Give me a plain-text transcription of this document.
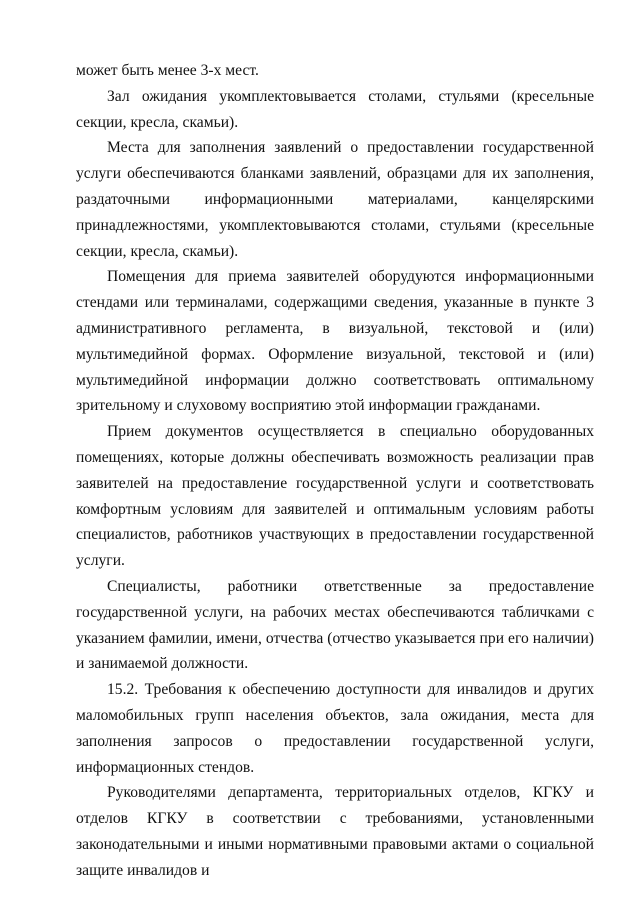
может быть менее 3-х мест.

Зал ожидания укомплектовывается столами, стульями (кресельные секции, кресла, скамьи).

Места для заполнения заявлений о предоставлении государственной услуги обеспечиваются бланками заявлений, образцами для их заполнения, раздаточными информационными материалами, канцелярскими принадлежностями, укомплектовываются столами, стульями (кресельные секции, кресла, скамьи).

Помещения для приема заявителей оборудуются информационными стендами или терминалами, содержащими сведения, указанные в пункте 3 административного регламента, в визуальной, текстовой и (или) мультимедийной формах. Оформление визуальной, текстовой и (или) мультимедийной информации должно соответствовать оптимальному зрительному и слуховому восприятию этой информации гражданами.

Прием документов осуществляется в специально оборудованных помещениях, которые должны обеспечивать возможность реализации прав заявителей на предоставление государственной услуги и соответствовать комфортным условиям для заявителей и оптимальным условиям работы специалистов, работников участвующих в предоставлении государственной услуги.

Специалисты, работники ответственные за предоставление государственной услуги, на рабочих местах обеспечиваются табличками с указанием фамилии, имени, отчества (отчество указывается при его наличии) и занимаемой должности.

15.2. Требования к обеспечению доступности для инвалидов и других маломобильных групп населения объектов, зала ожидания, места для заполнения запросов о предоставлении государственной услуги, информационных стендов.

Руководителями департамента, территориальных отделов, КГКУ и отделов КГКУ в соответствии с требованиями, установленными законодательными и иными нормативными правовыми актами о социальной защите инвалидов и
